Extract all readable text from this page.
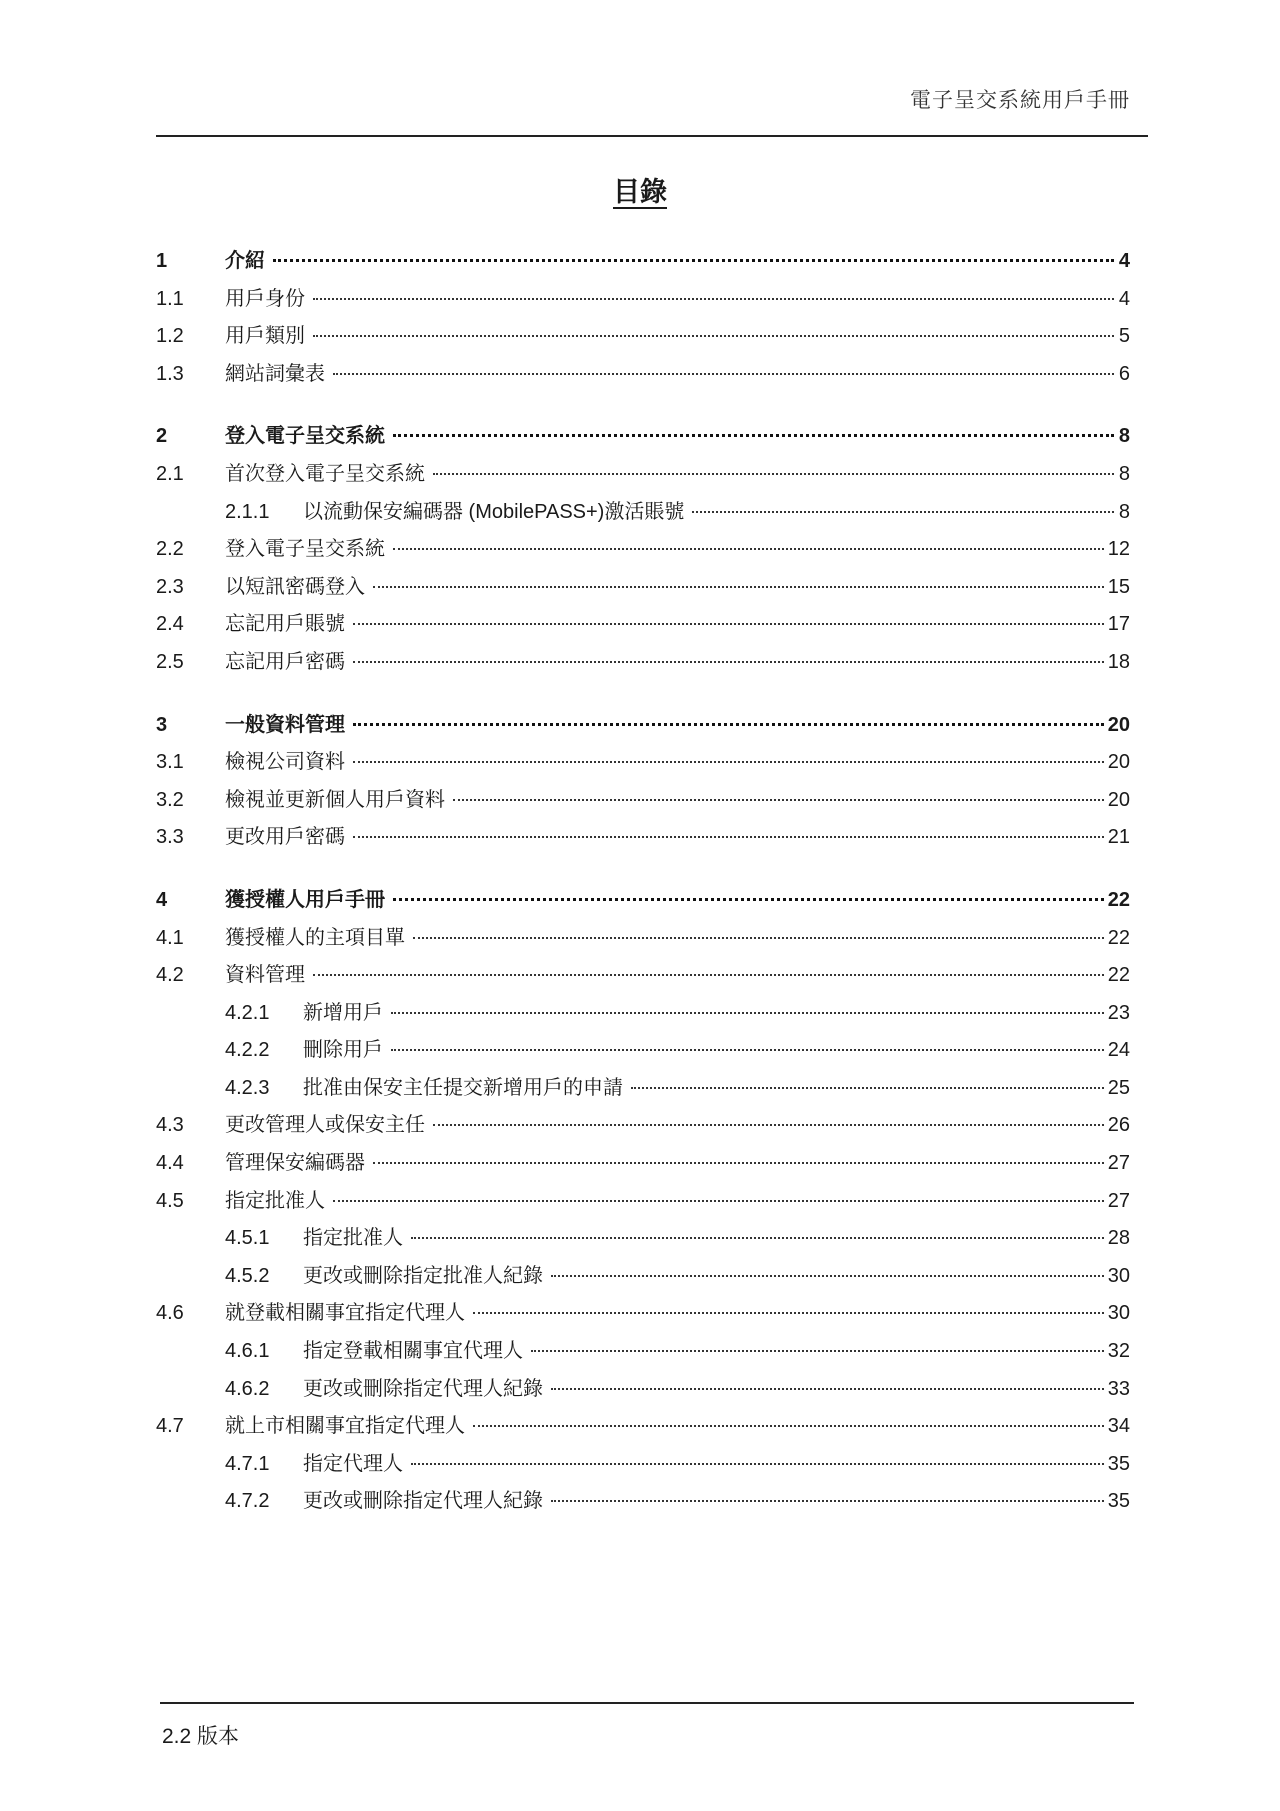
電子呈交系統用戶手冊
目錄
1	介紹	4
1.1	用戶身份	4
1.2	用戶類別	5
1.3	網站詞彙表	6
2	登入電子呈交系統	8
2.1	首次登入電子呈交系統	8
2.1.1	以流動保安編碼器 (MobilePASS+)激活賬號	8
2.2	登入電子呈交系統	12
2.3	以短訊密碼登入	15
2.4	忘記用戶賬號	17
2.5	忘記用戶密碼	18
3	一般資料管理	20
3.1	檢視公司資料	20
3.2	檢視並更新個人用戶資料	20
3.3	更改用戶密碼	21
4	獲授權人用戶手冊	22
4.1	獲授權人的主項目單	22
4.2	資料管理	22
4.2.1	新增用戶	23
4.2.2	刪除用戶	24
4.2.3	批准由保安主任提交新增用戶的申請	25
4.3	更改管理人或保安主任	26
4.4	管理保安編碼器	27
4.5	指定批准人	27
4.5.1	指定批准人	28
4.5.2	更改或刪除指定批准人紀錄	30
4.6	就登載相關事宜指定代理人	30
4.6.1	指定登載相關事宜代理人	32
4.6.2	更改或刪除指定代理人紀錄	33
4.7	就上市相關事宜指定代理人	34
4.7.1	指定代理人	35
4.7.2	更改或刪除指定代理人紀錄	35
2.2 版本
